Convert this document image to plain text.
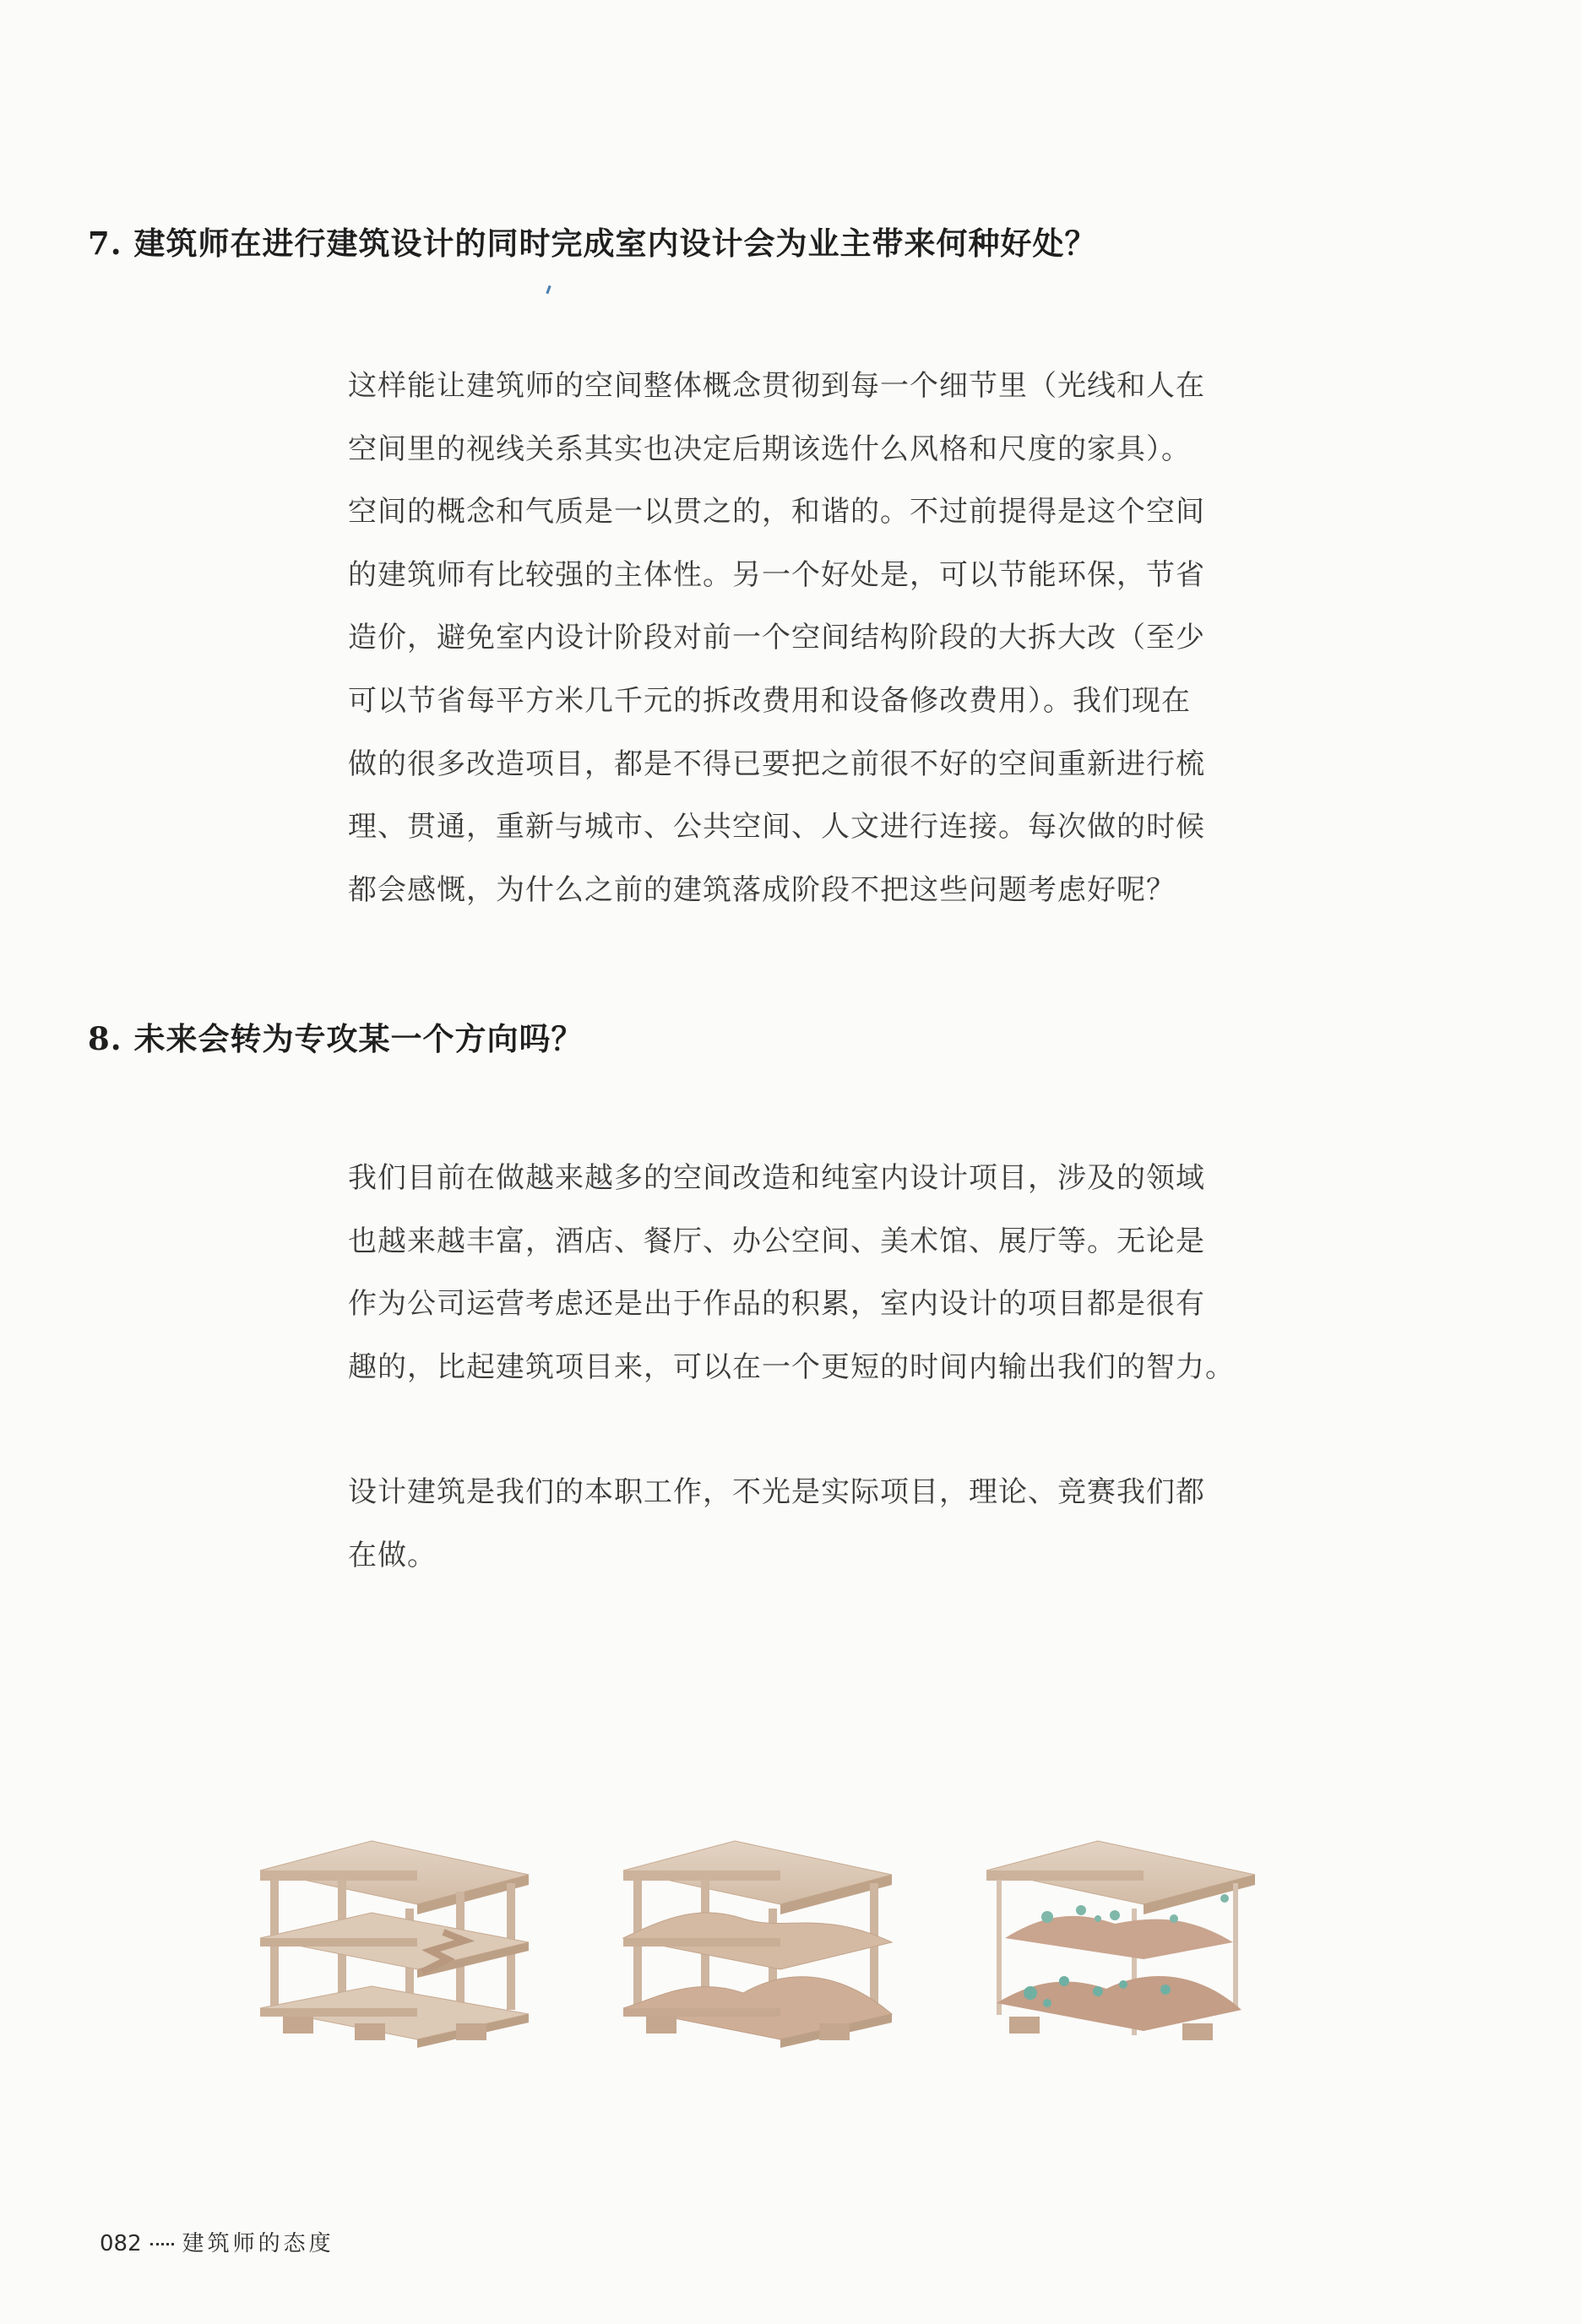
7. 建筑师在进行建筑设计的同时完成室内设计会为业主带来何种好处？

这样能让建筑师的空间整体概念贯彻到每一个细节里（光线和人在

空间里的视线关系其实也决定后期该选什么风格和尺度的家具）。

空间的概念和气质是一以贯之的，和谐的。不过前提得是这个空间

的建筑师有比较强的主体性。另一个好处是，可以节能环保，节省

造价，避免室内设计阶段对前一个空间结构阶段的大拆大改（至少

可以节省每平方米几千元的拆改费用和设备修改费用）。我们现在

做的很多改造项目，都是不得已要把之前很不好的空间重新进行梳

理、贯通，重新与城市、公共空间、人文进行连接。每次做的时候

都会感慨，为什么之前的建筑落成阶段不把这些问题考虑好呢？

8. 未来会转为专攻某一个方向吗？

我们目前在做越来越多的空间改造和纯室内设计项目，涉及的领域

也越来越丰富，酒店、餐厅、办公空间、美术馆、展厅等。无论是

作为公司运营考虑还是出于作品的积累，室内设计的项目都是很有

趣的，比起建筑项目来，可以在一个更短的时间内输出我们的智力。

设计建筑是我们的本职工作，不光是实际项目，理论、竞赛我们都

在做。

082 建筑师的态度
